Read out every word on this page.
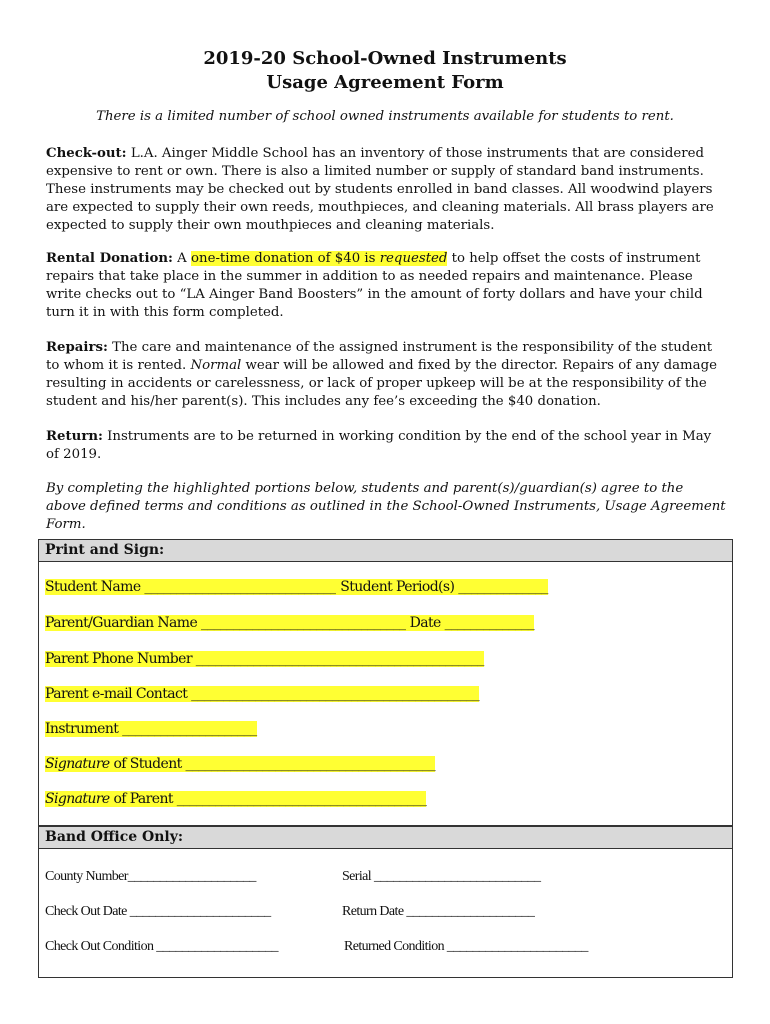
2019-20 School-Owned Instruments
Usage Agreement Form
There is a limited number of school owned instruments available for students to rent.
Check-out: L.A. Ainger Middle School has an inventory of those instruments that are considered expensive to rent or own. There is also a limited number or supply of standard band instruments. These instruments may be checked out by students enrolled in band classes. All woodwind players are expected to supply their own reeds, mouthpieces, and cleaning materials. All brass players are expected to supply their own mouthpieces and cleaning materials.
Rental Donation: A one-time donation of $40 is requested to help offset the costs of instrument repairs that take place in the summer in addition to as needed repairs and maintenance. Please write checks out to “LA Ainger Band Boosters” in the amount of forty dollars and have your child turn it in with this form completed.
Repairs: The care and maintenance of the assigned instrument is the responsibility of the student to whom it is rented. Normal wear will be allowed and fixed by the director. Repairs of any damage resulting in accidents or carelessness, or lack of proper upkeep will be at the responsibility of the student and his/her parent(s). This includes any fee’s exceeding the $40 donation.
Return: Instruments are to be returned in working condition by the end of the school year in May of 2019.
By completing the highlighted portions below, students and parent(s)/guardian(s) agree to the above defined terms and conditions as outlined in the School-Owned Instruments, Usage Agreement Form.
Print and Sign:
Student Name ______________________________ Student Period(s) ______________
Parent/Guardian Name ________________________________ Date ______________
Parent Phone Number _____________________________________________
Parent e-mail Contact _____________________________________________
Instrument _____________________
Signature of Student _______________________________________
Signature of Parent _______________________________________
Band Office Only:
County Number____________________	Serial __________________________
Check Out Date ______________________	Return Date ____________________
Check Out Condition ___________________	Returned Condition ______________________
